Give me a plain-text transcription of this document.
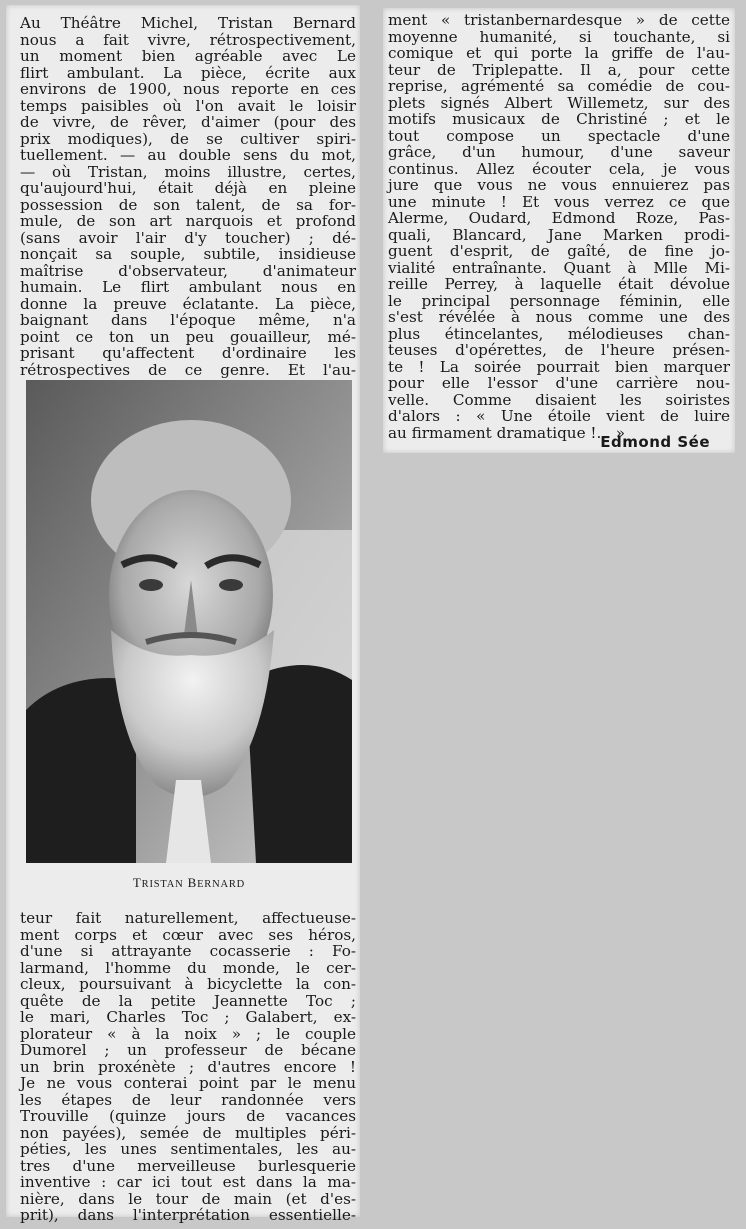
Au Théâtre Michel, Tristan Bernard
nous a fait vivre, rétrospectivement,
un moment bien agréable avec Le
flirt ambulant. La pièce, écrite aux
environs de 1900, nous reporte en ces
temps paisibles où l'on avait le loisir
de vivre, de rêver, d'aimer (pour des
prix modiques), de se cultiver spiri-
tuellement. — au double sens du mot,
— où Tristan, moins illustre, certes,
qu'aujourd'hui, était déjà en pleine
possession de son talent, de sa for-
mule, de son art narquois et profond
(sans avoir l'air d'y toucher) ; dé-
nonçait sa souple, subtile, insidieuse
maîtrise d'observateur, d'animateur
humain. Le flirt ambulant nous en
donne la preuve éclatante. La pièce,
baignant dans l'époque même, n'a
point ce ton un peu gouailleur, mé-
prisant qu'affectent d'ordinaire les
rétrospectives de ce genre. Et l'au-
TRISTAN BERNARD
teur fait naturellement, affectueuse-
ment corps et cœur avec ses héros,
d'une si attrayante cocasserie : Fo-
larmand, l'homme du monde, le cer-
cleux, poursuivant à bicyclette la con-
quête de la petite Jeannette Toc ;
le mari, Charles Toc ; Galabert, ex-
plorateur « à la noix » ; le couple
Dumorel ; un professeur de bécane
un brin proxénète ; d'autres encore !
Je ne vous conterai point par le menu
les étapes de leur randonnée vers
Trouville (quinze jours de vacances
non payées), semée de multiples péri-
péties, les unes sentimentales, les au-
tres d'une merveilleuse burlesquerie
inventive : car ici tout est dans la ma-
nière, dans le tour de main (et d'es-
prit), dans l'interprétation essentielle-
ment « tristanbernardesque » de cette
moyenne humanité, si touchante, si
comique et qui porte la griffe de l'au-
teur de Triplepatte. Il a, pour cette
reprise, agrémenté sa comédie de cou-
plets signés Albert Willemetz, sur des
motifs musicaux de Christiné ; et le
tout compose un spectacle d'une
grâce, d'un humour, d'une saveur
continus. Allez écouter cela, je vous
jure que vous ne vous ennuierez pas
une minute ! Et vous verrez ce que
Alerme, Oudard, Edmond Roze, Pas-
quali, Blancard, Jane Marken prodi-
guent d'esprit, de gaîté, de fine jo-
vialité entraînante. Quant à Mlle Mi-
reille Perrey, à laquelle était dévolue
le principal personnage féminin, elle
s'est révélée à nous comme une des
plus étincelantes, mélodieuses chan-
teuses d'opérettes, de l'heure présen-
te ! La soirée pourrait bien marquer
pour elle l'essor d'une carrière nou-
velle. Comme disaient les soiristes
d'alors : « Une étoile vient de luire
au firmament dramatique !... »
Edmond Sée
